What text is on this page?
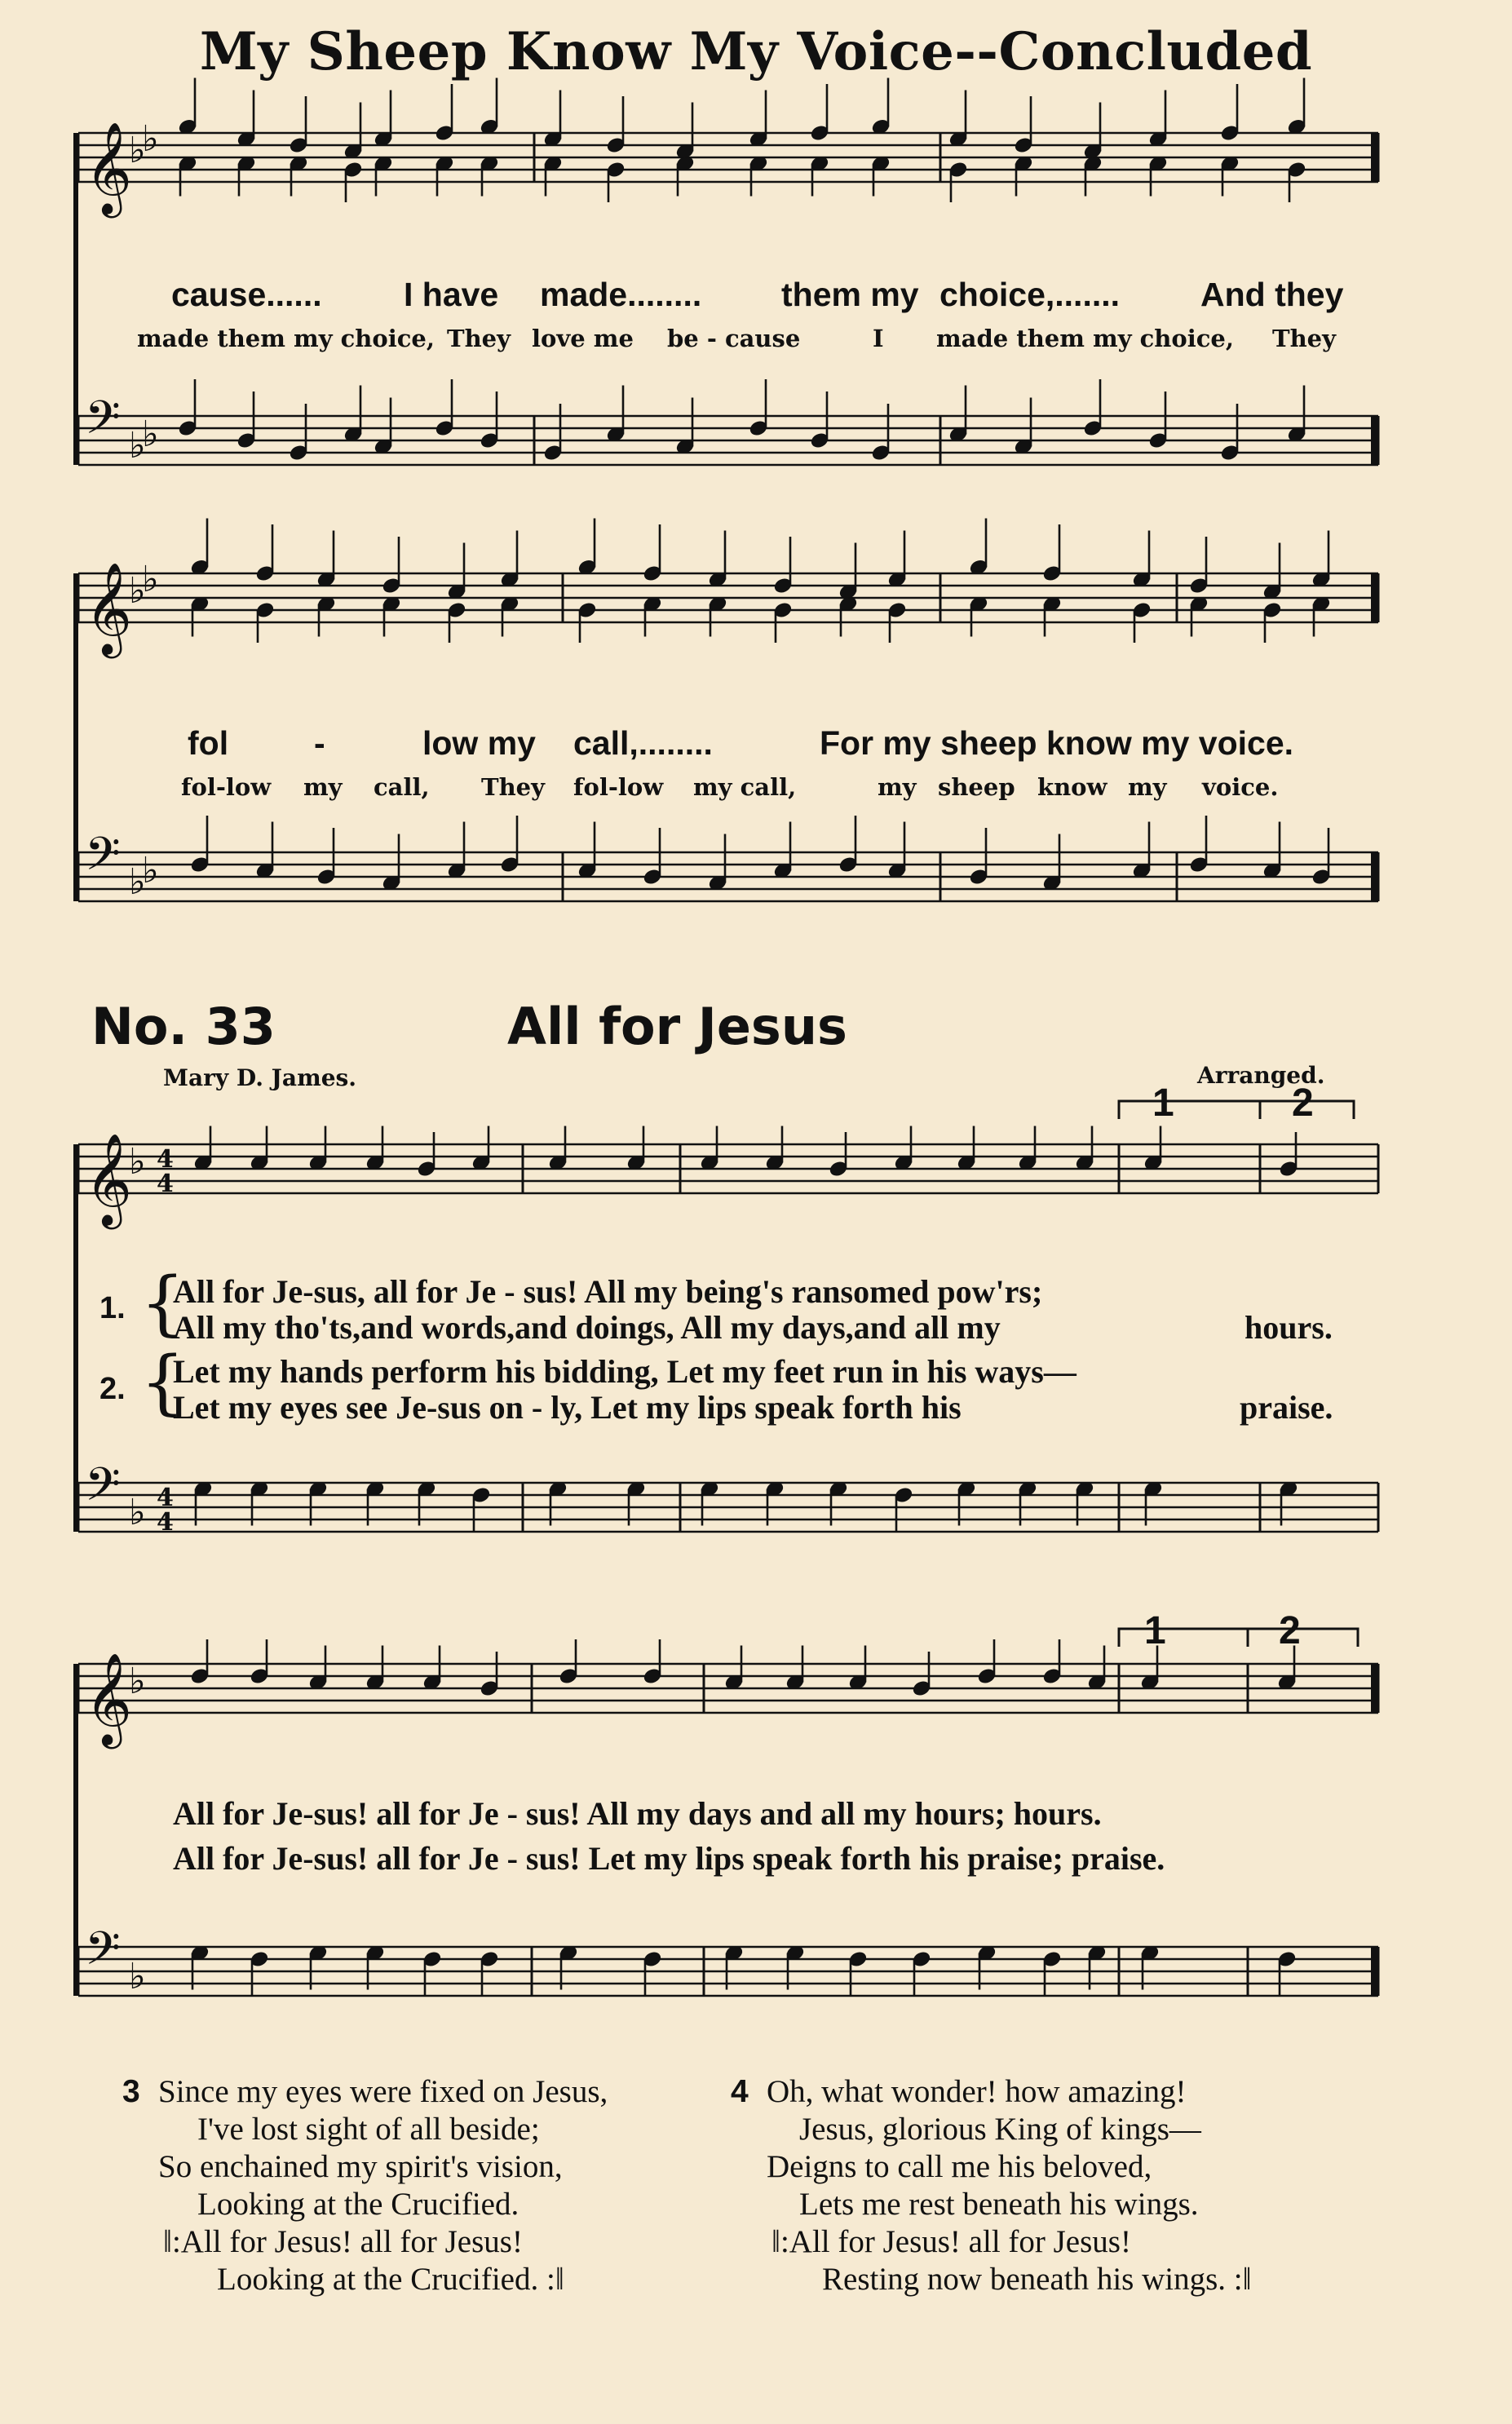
My Sheep Know My Voice--Concluded
𝄞
♭
♭
𝄢 ♭
♭
𝄞
♭
♭
𝄢 ♭
♭
𝄞
♭ 4
4
𝄢 ♭ 4
4
𝄞
♭
𝄢 ♭
cause...... I have made........ them my choice,....... And they
made them my choice, They love me be - cause	I made them my choice, They
fol	-	low my call,........	For my sheep know my voice.
fol-low my call, They fol-low my call,	my sheep know my voice.
No. 33	All for Jesus
Mary D. James.	Arranged.
1	2
1	2
1. {
All for Je-sus, all for Je - sus! All my being's ransomed pow'rs;
All my tho'ts,and words,and doings, All my days,and all my	hours.
2. {
Let my hands perform his bidding, Let my feet run in his ways—
Let my eyes see Je-sus on - ly, Let my lips speak forth his	praise.
All for Je-sus! all for Je - sus! All my days and all my hours; hours.
All for Je-sus! all for Je - sus! Let my lips speak forth his praise; praise.
3 Since my eyes were fixed on Jesus,
I've lost sight of all beside;
So enchained my spirit's vision,
Looking at the Crucified.
‖:All for Jesus! all for Jesus!
Looking at the Crucified. :‖
4 Oh, what wonder! how amazing!
Jesus, glorious King of kings—
Deigns to call me his beloved,
Lets me rest beneath his wings.
‖:All for Jesus! all for Jesus!
Resting now beneath his wings. :‖
